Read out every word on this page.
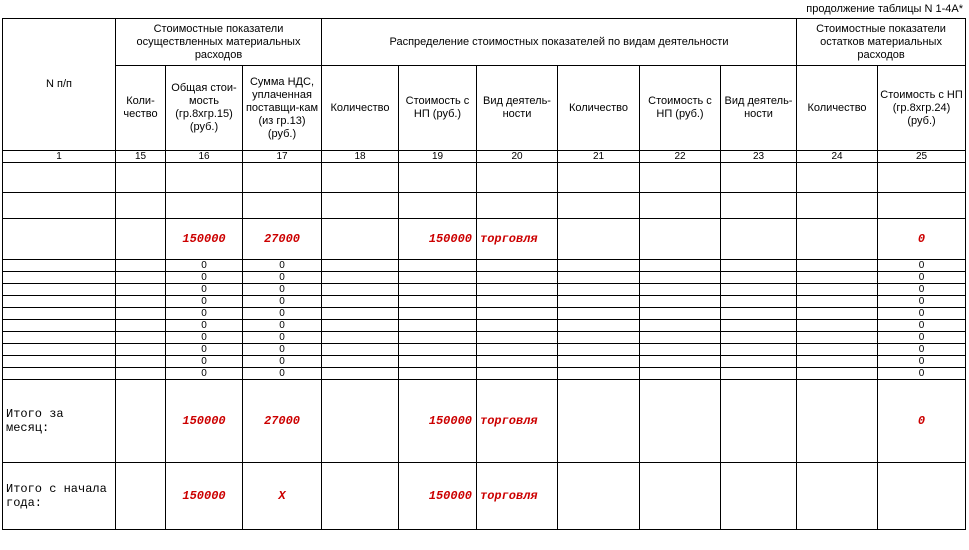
продолжение таблицы N 1-4А*
N п/п	Стоимостные показатели осуществленных материальных расходов			Распределение стоимостных показателей по видам деятельности						Стоимостные показатели остатков материальных расходов	
	Коли-чество	Общая стои-мость (гр.8хгр.15) (руб.)	Сумма НДС, уплаченная поставщи-кам (из гр.13) (руб.)	Количество	Стоимость с НП (руб.)	Вид деятель-ности	Количество	Стоимость с НП (руб.)	Вид деятель-ности	Количество	Стоимость с НП (гр.8хгр.24) (руб.)
1	15	16	17	18	19	20	21	22	23	24	25

		150000	27000		150000	торговля					0
		0	0								0
		0	0								0
		0	0								0
		0	0								0
		0	0								0
		0	0								0
		0	0								0
		0	0								0
		0	0								0
		0	0								0
Итого за месяц:		150000	27000		150000	торговля					0
Итого с начала года:		150000	Х		150000	торговля					
